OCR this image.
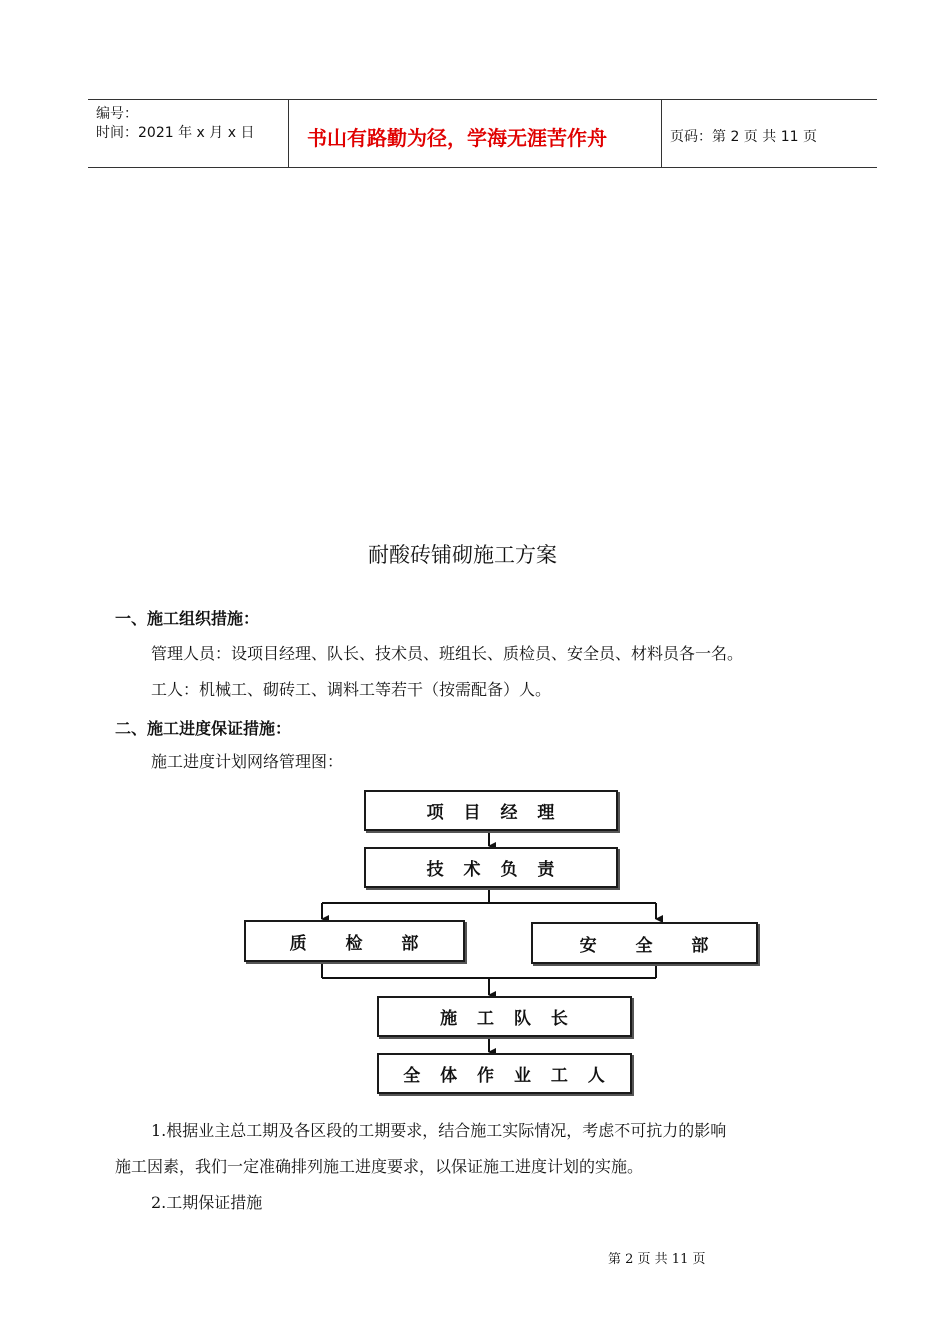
编号：
时间：2021 年 x 月 x 日	书山有路勤为径，学海无涯苦作舟	页码：第 2 页 共 11 页
耐酸砖铺砌施工方案
一、施工组织措施：
管理人员：设项目经理、队长、技术员、班组长、质检员、安全员、材料员各一名。
工人：机械工、砌砖工、调料工等若干（按需配备）人。
二、施工进度保证措施：
施工进度计划网络管理图：
项 目 经 理
技 术 负 责
质  检  部	安  全  部
施 工 队 长
全 体 作 业 工 人
1.根据业主总工期及各区段的工期要求，结合施工实际情况，考虑不可抗力的影响
施工因素，我们一定准确排列施工进度要求，以保证施工进度计划的实施。
2.工期保证措施
第 2 页 共 11 页
